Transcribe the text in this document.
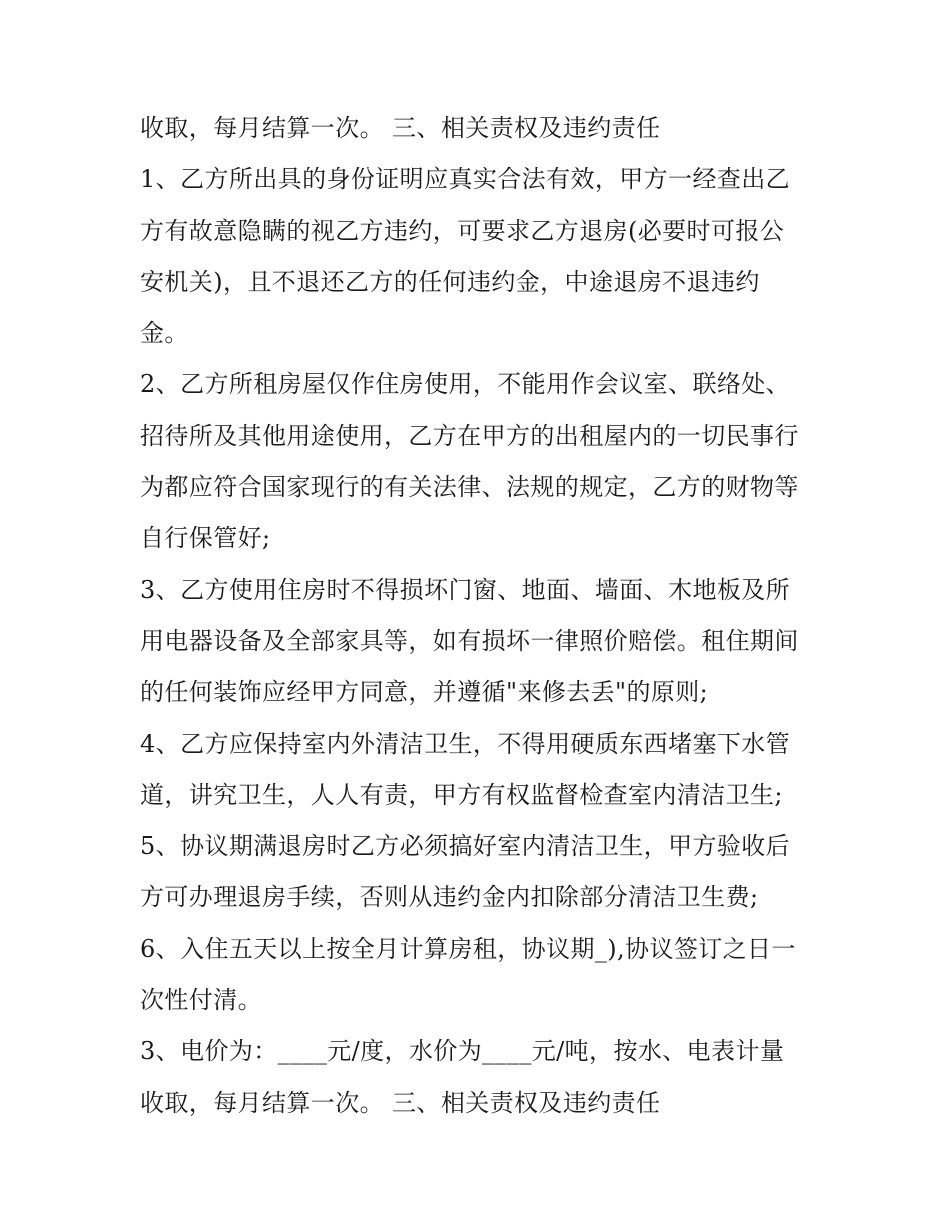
收取，每月结算一次。 三、相关责权及违约责任
1、乙方所出具的身份证明应真实合法有效，甲方一经查出乙
方有故意隐瞒的视乙方违约，可要求乙方退房(必要时可报公
安机关)，且不退还乙方的任何违约金，中途退房不退违约
金。
2、乙方所租房屋仅作住房使用，不能用作会议室、联络处、
招待所及其他用途使用，乙方在甲方的出租屋内的一切民事行
为都应符合国家现行的有关法律、法规的规定，乙方的财物等
自行保管好;
3、乙方使用住房时不得损坏门窗、地面、墙面、木地板及所
用电器设备及全部家具等，如有损坏一律照价赔偿。租住期间
的任何装饰应经甲方同意，并遵循"来修去丢"的原则;
4、乙方应保持室内外清洁卫生，不得用硬质东西堵塞下水管
道，讲究卫生，人人有责，甲方有权监督检查室内清洁卫生;
5、协议期满退房时乙方必须搞好室内清洁卫生，甲方验收后
方可办理退房手续，否则从违约金内扣除部分清洁卫生费;
6、入住五天以上按全月计算房租，协议期_),协议签订之日一
次性付清。
3、电价为：____元/度，水价为____元/吨，按水、电表计量
收取，每月结算一次。 三、相关责权及违约责任
